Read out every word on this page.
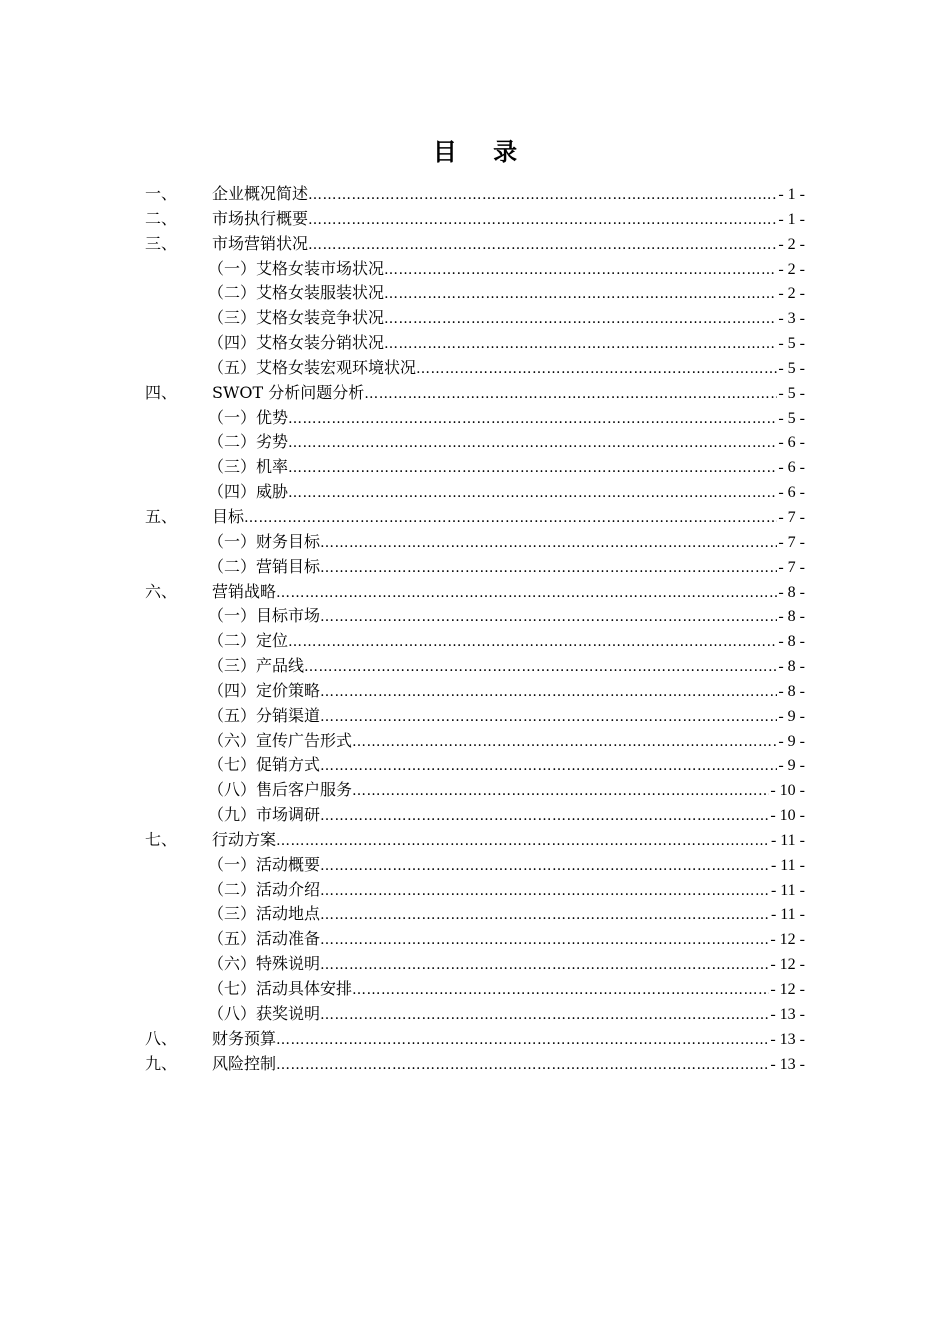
目 录
一、	企业概况简述 ………………………………………………………………………………………………………………………………………………………………………………………………	- 1 -
二、	市场执行概要 ………………………………………………………………………………………………………………………………………………………………………………………………	- 1 -
三、	市场营销状况 ………………………………………………………………………………………………………………………………………………………………………………………………	- 2 -
（一）艾格女装市场状况 ………………………………………………………………………………………………………………………………………………………………………………………………	- 2 -
（二）艾格女装服装状况 ………………………………………………………………………………………………………………………………………………………………………………………………	- 2 -
（三）艾格女装竞争状况 ………………………………………………………………………………………………………………………………………………………………………………………………	- 3 -
（四）艾格女装分销状况 ………………………………………………………………………………………………………………………………………………………………………………………………	- 5 -
（五）艾格女装宏观环境状况 ………………………………………………………………………………………………………………………………………………………………………………………………	- 5 -
四、	SWOT 分析问题分析 ………………………………………………………………………………………………………………………………………………………………………………………………	- 5 -
（一）优势 ………………………………………………………………………………………………………………………………………………………………………………………………	- 5 -
（二）劣势 ………………………………………………………………………………………………………………………………………………………………………………………………	- 6 -
（三）机率 ………………………………………………………………………………………………………………………………………………………………………………………………	- 6 -
（四）威胁 ………………………………………………………………………………………………………………………………………………………………………………………………	- 6 -
五、	目标 ………………………………………………………………………………………………………………………………………………………………………………………………	- 7 -
（一）财务目标 ………………………………………………………………………………………………………………………………………………………………………………………………	- 7 -
（二）营销目标 ………………………………………………………………………………………………………………………………………………………………………………………………	- 7 -
六、	营销战略 ………………………………………………………………………………………………………………………………………………………………………………………………	- 8 -
（一）目标市场 ………………………………………………………………………………………………………………………………………………………………………………………………	- 8 -
（二）定位 ………………………………………………………………………………………………………………………………………………………………………………………………	- 8 -
（三）产品线 ………………………………………………………………………………………………………………………………………………………………………………………………	- 8 -
（四）定价策略 ………………………………………………………………………………………………………………………………………………………………………………………………	- 8 -
（五）分销渠道 ………………………………………………………………………………………………………………………………………………………………………………………………	- 9 -
（六）宣传广告形式 ………………………………………………………………………………………………………………………………………………………………………………………………	- 9 -
（七）促销方式 ………………………………………………………………………………………………………………………………………………………………………………………………	- 9 -
（八）售后客户服务 ………………………………………………………………………………………………………………………………………………………………………………………………	- 10 -
（九）市场调研 ………………………………………………………………………………………………………………………………………………………………………………………………	- 10 -
七、	行动方案 ………………………………………………………………………………………………………………………………………………………………………………………………	- 11 -
（一）活动概要 ………………………………………………………………………………………………………………………………………………………………………………………………	- 11 -
（二）活动介绍 ………………………………………………………………………………………………………………………………………………………………………………………………	- 11 -
（三）活动地点 ………………………………………………………………………………………………………………………………………………………………………………………………	- 11 -
（五）活动准备 ………………………………………………………………………………………………………………………………………………………………………………………………	- 12 -
（六）特殊说明 ………………………………………………………………………………………………………………………………………………………………………………………………	- 12 -
（七）活动具体安排 ………………………………………………………………………………………………………………………………………………………………………………………………	- 12 -
（八）获奖说明 ………………………………………………………………………………………………………………………………………………………………………………………………	- 13 -
八、	财务预算 ………………………………………………………………………………………………………………………………………………………………………………………………	- 13 -
九、	风险控制 ………………………………………………………………………………………………………………………………………………………………………………………………	- 13 -
